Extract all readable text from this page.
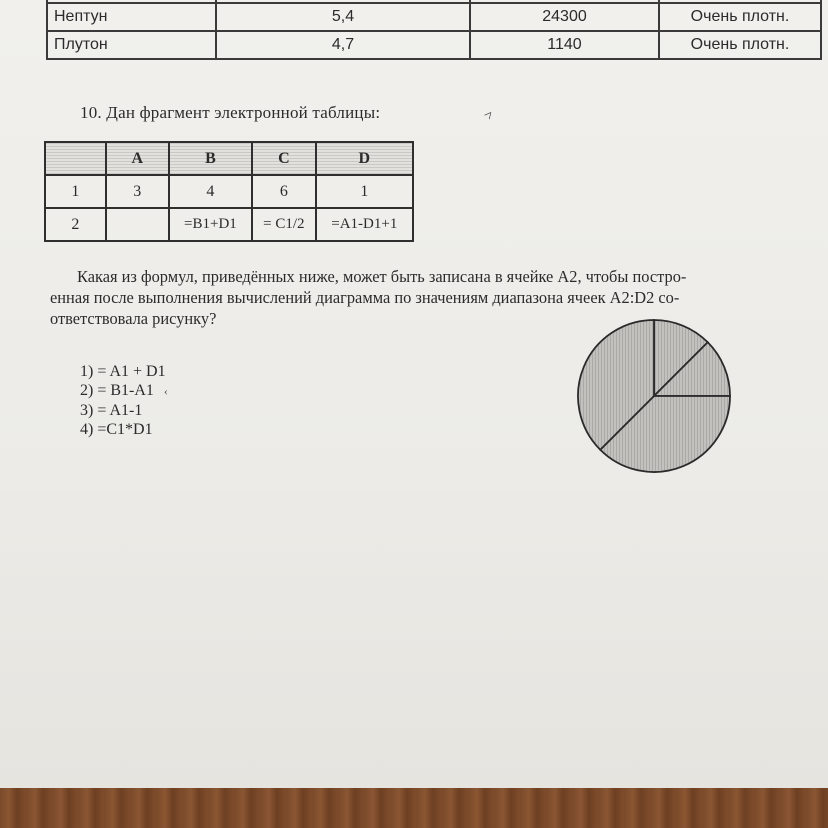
Нептун	5,4	24300	Очень плотн.
Плутон	4,7	1140	Очень плотн.
10. Дан фрагмент электронной таблицы:	˄
	A	B	C	D
1	3	4	6	1
2		=B1+D1	= C1/2	=A1-D1+1
Какая из формул, приведённых ниже, может быть записана в ячейке А2, чтобы постро-
енная после выполнения вычислений диаграмма по значениям диапазона ячеек А2:D2 со-
ответствовала рисунку?
1) = A1 + D1
2) = B1-A1 ‹
3) = A1-1
4) =C1*D1
